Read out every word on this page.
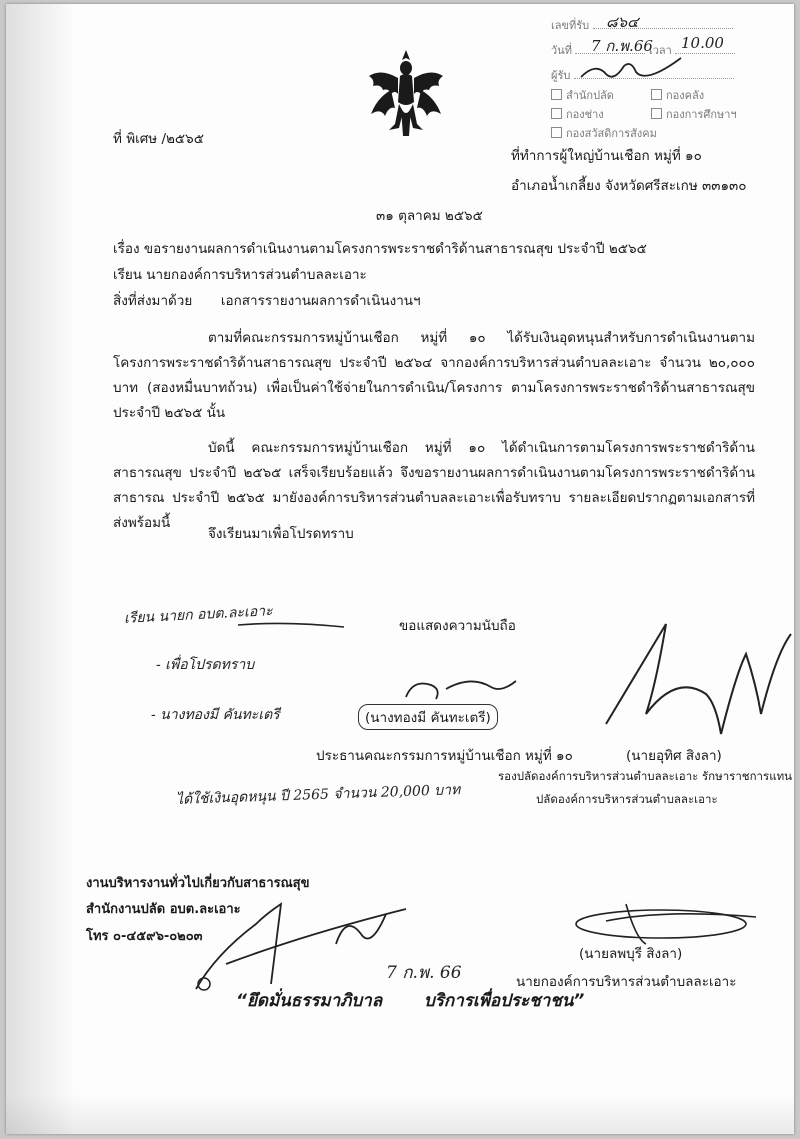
เลขที่รับ	๘๖๔
วันที่	เวลา
7 ก.พ.66 10.00
ผู้รับ
สำนักปลัด	กองคลัง
กองช่าง	กองการศึกษาฯ
กองสวัสดิการสังคม
ที่ พิเศษ /๒๕๖๕
ที่ทำการผู้ใหญ่บ้านเชือก หมู่ที่ ๑๐
อำเภอน้ำเกลี้ยง จังหวัดศรีสะเกษ ๓๓๑๓๐
๓๑ ตุลาคม ๒๕๖๕
เรื่อง ขอรายงานผลการดำเนินงานตามโครงการพระราชดำริด้านสาธารณสุข ประจำปี ๒๕๖๕
เรียน นายกองค์การบริหารส่วนตำบลละเอาะ
สิ่งที่ส่งมาด้วย เอกสารรายงานผลการดำเนินงานฯ
ตามที่คณะกรรมการหมู่บ้านเชือก หมู่ที่ ๑๐ ได้รับเงินอุดหนุนสำหรับการดำเนินงานตามโครงการพระราชดำริด้านสาธารณสุข ประจำปี ๒๕๖๔ จากองค์การบริหารส่วนตำบลละเอาะ จำนวน ๒๐,๐๐๐ บาท (สองหมื่นบาทถ้วน) เพื่อเป็นค่าใช้จ่ายในการดำเนิน/โครงการ ตามโครงการพระราชดำริด้านสาธารณสุข ประจำปี ๒๕๖๕ นั้น
บัดนี้ คณะกรรมการหมู่บ้านเชือก หมู่ที่ ๑๐ ได้ดำเนินการตามโครงการพระราชดำริด้านสาธารณสุข ประจำปี ๒๕๖๕ เสร็จเรียบร้อยแล้ว จึงขอรายงานผลการดำเนินงานตามโครงการพระราชดำริด้านสาธารณ ประจำปี ๒๕๖๕ มายังองค์การบริหารส่วนตำบลละเอาะเพื่อรับทราบ รายละเอียดปรากฏตามเอกสารที่ส่งพร้อมนี้
จึงเรียนมาเพื่อโปรดทราบ
ขอแสดงความนับถือ
เรียน นายก อบต.ละเอาะ
- เพื่อโปรดทราบ
- นางทองมี คันทะเตรี
ได้ใช้เงินอุดหนุน ปี 2565 จำนวน 20,000 บาท
(นางทองมี คันทะเตรี)
ประธานคณะกรรมการหมู่บ้านเชือก หมู่ที่ ๑๐	(นายอุทิศ สิงลา)
รองปลัดองค์การบริหารส่วนตำบลละเอาะ รักษาราชการแทน
ปลัดองค์การบริหารส่วนตำบลละเอาะ
งานบริหารงานทั่วไปเกี่ยวกับสาธารณสุข
สำนักงานปลัด อบต.ละเอาะ
โทร ๐-๔๕๙๖-๐๒๐๓
7 ก.พ. 66
(นายลพบุรี สิงลา)
นายกองค์การบริหารส่วนตำบลละเอาะ
“ยึดมั่นธรรมาภิบาล บริการเพื่อประชาชน”
